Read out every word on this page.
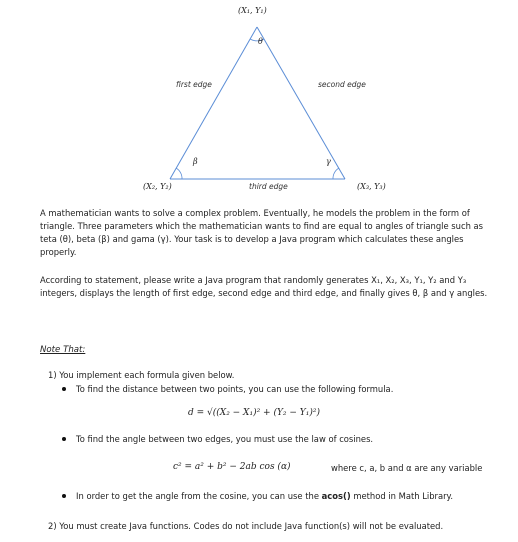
(X₁, Y₁)
θ
first edge	second edge
β	γ
(X₂, Y₂)	third edge	(X₃, Y₃)
A mathematician wants to solve a complex problem. Eventually, he models the problem in the form of triangle. Three parameters which the mathematician wants to find are equal to angles of triangle such as teta (θ), beta (β) and gama (γ). Your task is to develop a Java program which calculates these angles properly.
According to statement, please write a Java program that randomly generates X₁, X₂, X₃, Y₁, Y₂ and Y₃ integers, displays the length of first edge, second edge and third edge, and finally gives θ, β and γ angles.
Note That:
1) You implement each formula given below.
To find the distance between two points, you can use the following formula.
d = √((X₂ − X₁)² + (Y₂ − Y₁)²)
To find the angle between two edges, you must use the law of cosines.
c² = a² + b² − 2ab cos (α)	where c, a, b and α are any variable
In order to get the angle from the cosine, you can use the acos() method in Math Library.
2) You must create Java functions. Codes do not include Java function(s) will not be evaluated.
